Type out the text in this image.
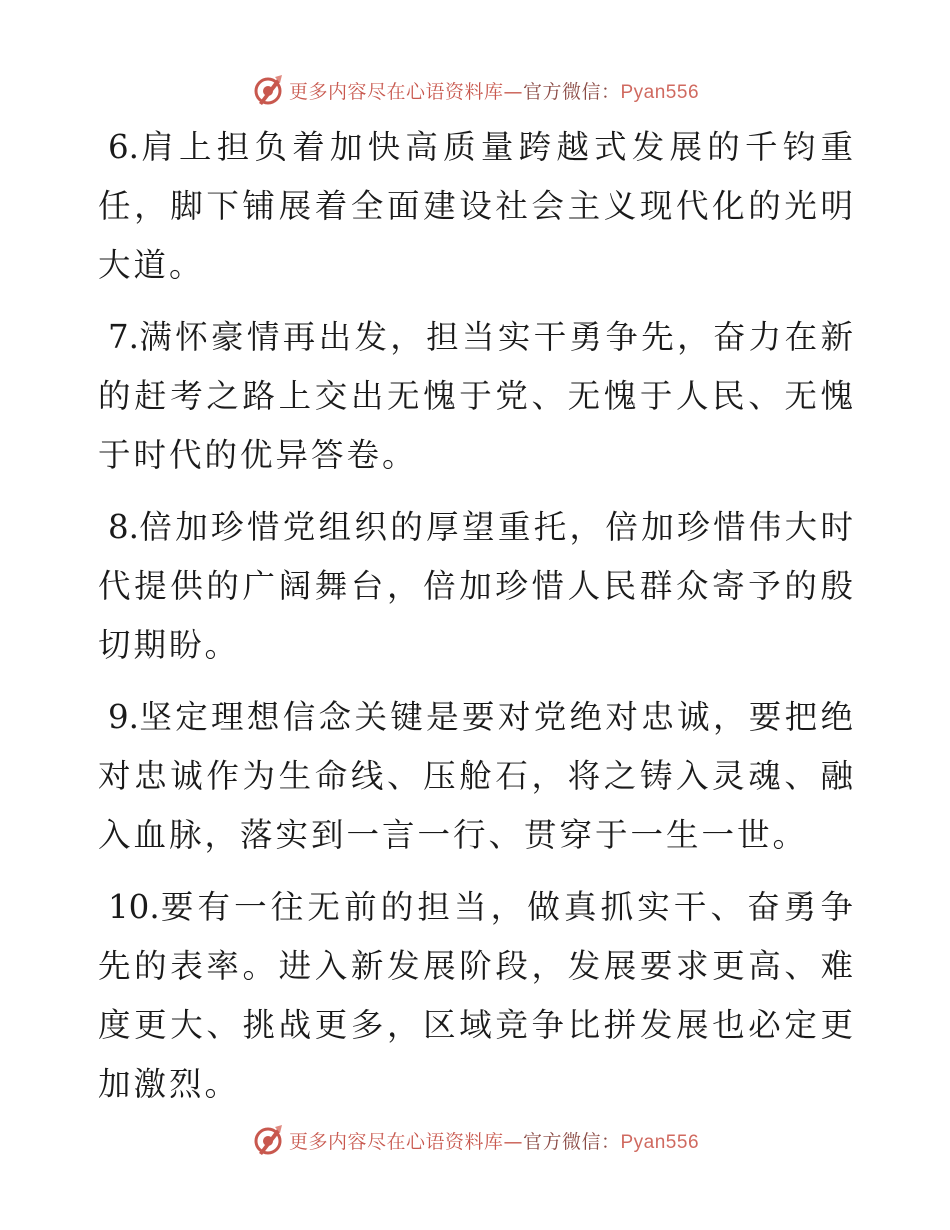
更多内容尽在心语资料库—官方微信：Pyan556

6.肩上担负着加快高质量跨越式发展的千钧重任，脚下铺展着全面建设社会主义现代化的光明大道。

7.满怀豪情再出发，担当实干勇争先，奋力在新的赶考之路上交出无愧于党、无愧于人民、无愧于时代的优异答卷。

8.倍加珍惜党组织的厚望重托，倍加珍惜伟大时代提供的广阔舞台，倍加珍惜人民群众寄予的殷切期盼。

9.坚定理想信念关键是要对党绝对忠诚，要把绝对忠诚作为生命线、压舱石，将之铸入灵魂、融入血脉，落实到一言一行、贯穿于一生一世。

10.要有一往无前的担当，做真抓实干、奋勇争先的表率。进入新发展阶段，发展要求更高、难度更大、挑战更多，区域竞争比拼发展也必定更加激烈。

更多内容尽在心语资料库—官方微信：Pyan556
